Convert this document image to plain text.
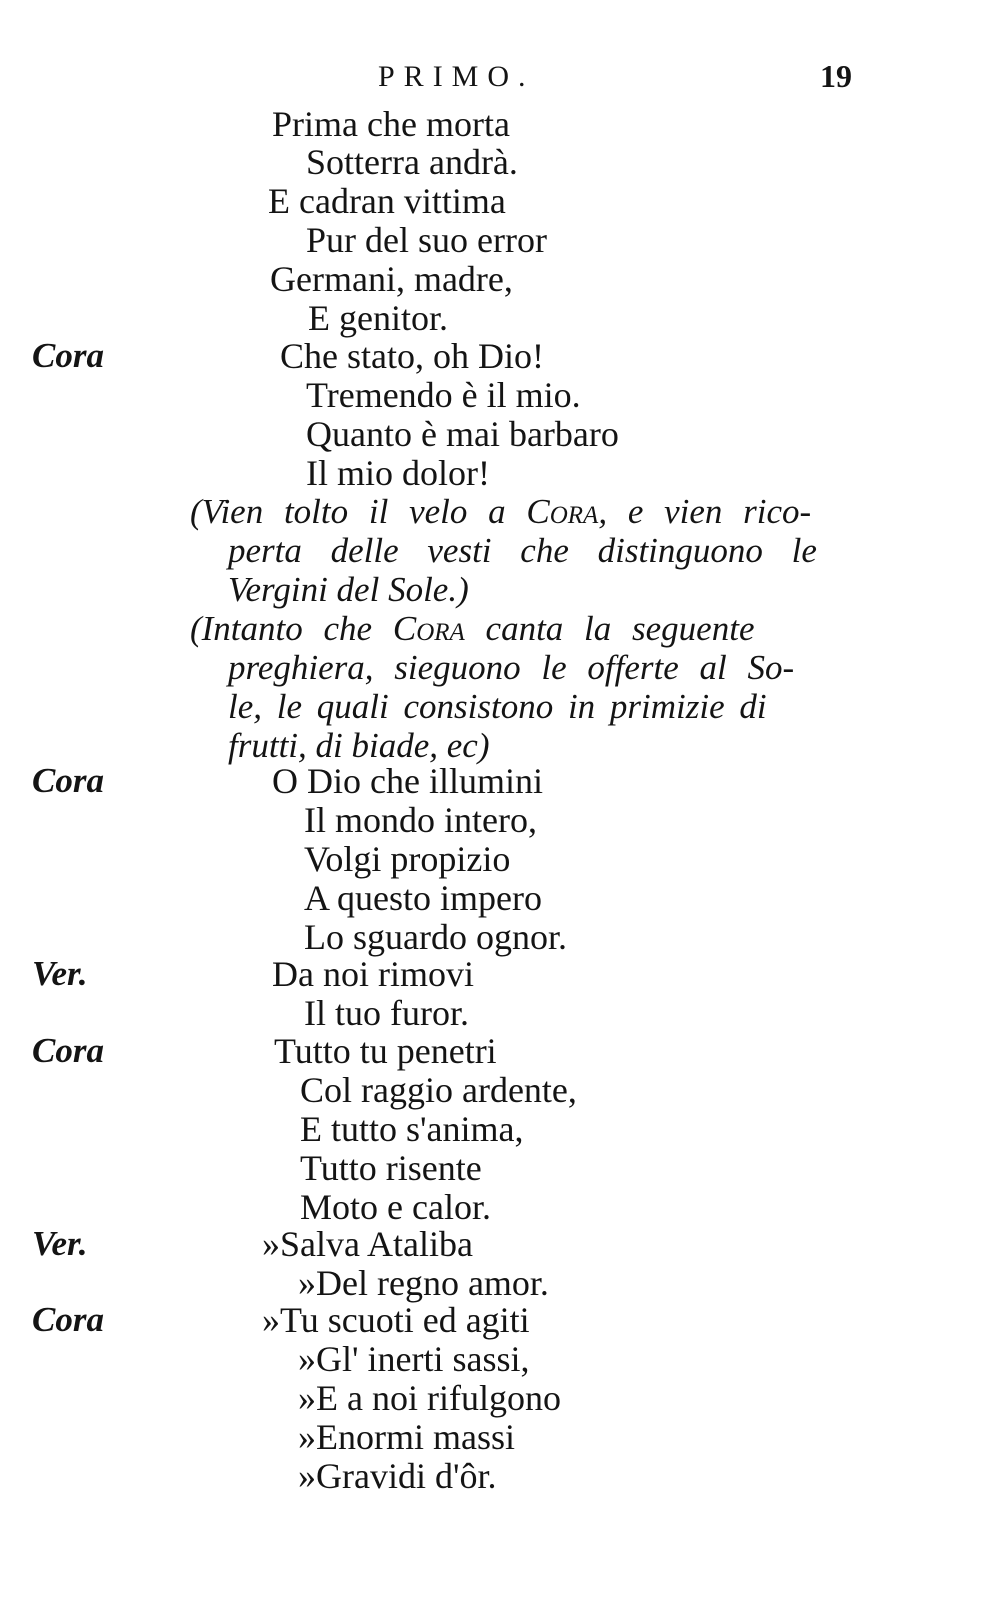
PRIMO.	19
Prima che morta
Sotterra andrà.
E cadran vittima
Pur del suo error
Germani, madre,
E genitor.
Cora	Che stato, oh Dio!
Tremendo è il mio.
Quanto è mai barbaro
Il mio dolor!
(Vien tolto il velo a Cora, e vien rico-
perta delle vesti che distinguono le
Vergini del Sole.)
(Intanto che Cora canta la seguente
preghiera, sieguono le offerte al So-
le, le quali consistono in primizie di
frutti, di biade, ec)
Cora	O Dio che illumini
Il mondo intero,
Volgi propizio
A questo impero
Lo sguardo ognor.
Ver.	Da noi rimovi
Il tuo furor.
Cora	Tutto tu penetri
Col raggio ardente,
E tutto s'anima,
Tutto risente
Moto e calor.
Ver.	»Salva Ataliba
»Del regno amor.
Cora	»Tu scuoti ed agiti
»Gl' inerti sassi,
»E a noi rifulgono
»Enormi massi
»Gravidi d'ôr.
